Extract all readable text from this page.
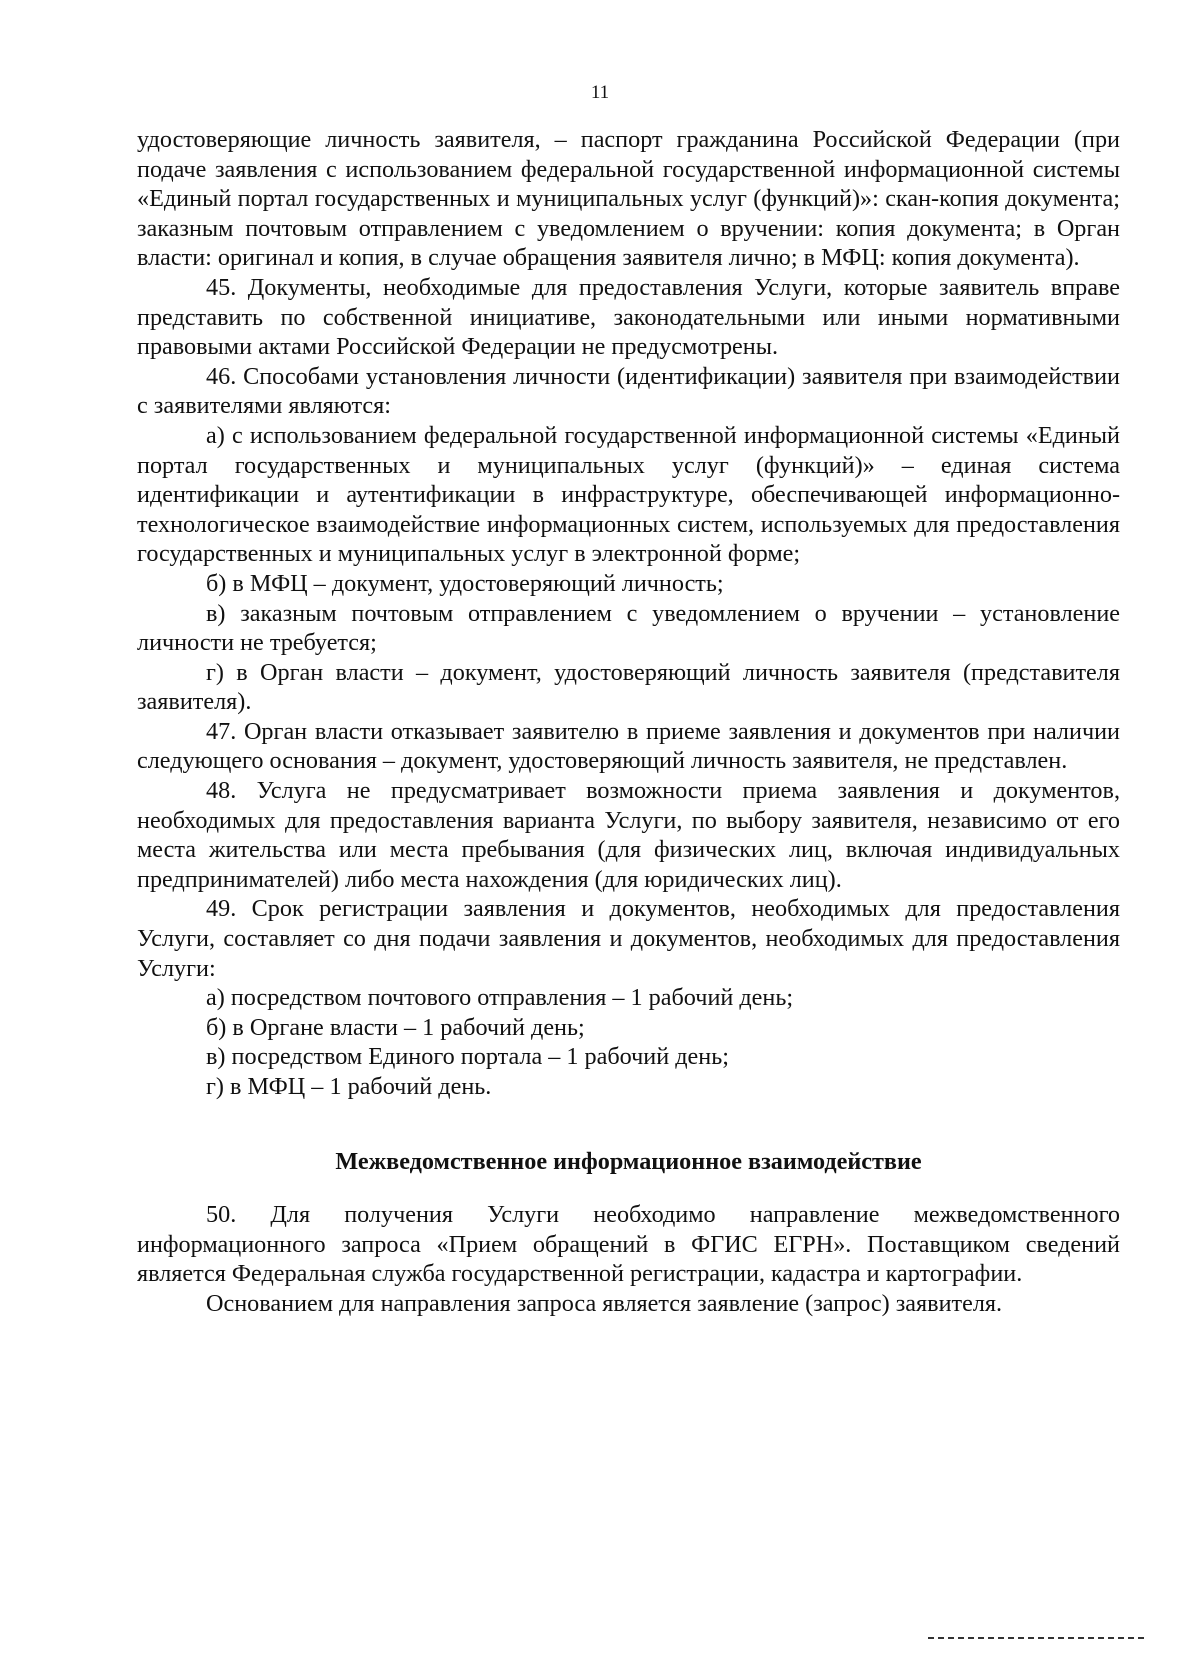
11

удостоверяющие личность заявителя, – паспорт гражданина Российской Федерации (при подаче заявления с использованием федеральной государственной информационной системы «Единый портал государственных и муниципальных услуг (функций)»: скан-копия документа; заказным почтовым отправлением с уведомлением о вручении: копия документа; в Орган власти: оригинал и копия, в случае обращения заявителя лично; в МФЦ: копия документа).

45. Документы, необходимые для предоставления Услуги, которые заявитель вправе представить по собственной инициативе, законодательными или иными нормативными правовыми актами Российской Федерации не предусмотрены.

46. Способами установления личности (идентификации) заявителя при взаимодействии с заявителями являются:

а) с использованием федеральной государственной информационной системы «Единый портал государственных и муниципальных услуг (функций)» – единая система идентификации и аутентификации в инфраструктуре, обеспечивающей информационно-технологическое взаимодействие информационных систем, используемых для предоставления государственных и муниципальных услуг в электронной форме;

б) в МФЦ – документ, удостоверяющий личность;

в) заказным почтовым отправлением с уведомлением о вручении – установление личности не требуется;

г) в Орган власти – документ, удостоверяющий личность заявителя (представителя заявителя).

47. Орган власти отказывает заявителю в приеме заявления и документов при наличии следующего основания – документ, удостоверяющий личность заявителя, не представлен.

48. Услуга не предусматривает возможности приема заявления и документов, необходимых для предоставления варианта Услуги, по выбору заявителя, независимо от его места жительства или места пребывания (для физических лиц, включая индивидуальных предпринимателей) либо места нахождения (для юридических лиц).

49. Срок регистрации заявления и документов, необходимых для предоставления Услуги, составляет со дня подачи заявления и документов, необходимых для предоставления Услуги:

а) посредством почтового отправления – 1 рабочий день;

б) в Органе власти – 1 рабочий день;

в) посредством Единого портала – 1 рабочий день;

г) в МФЦ – 1 рабочий день.

Межведомственное информационное взаимодействие

50. Для получения Услуги необходимо направление межведомственного информационного запроса «Прием обращений в ФГИС ЕГРН». Поставщиком сведений является Федеральная служба государственной регистрации, кадастра и картографии.

Основанием для направления запроса является заявление (запрос) заявителя.
